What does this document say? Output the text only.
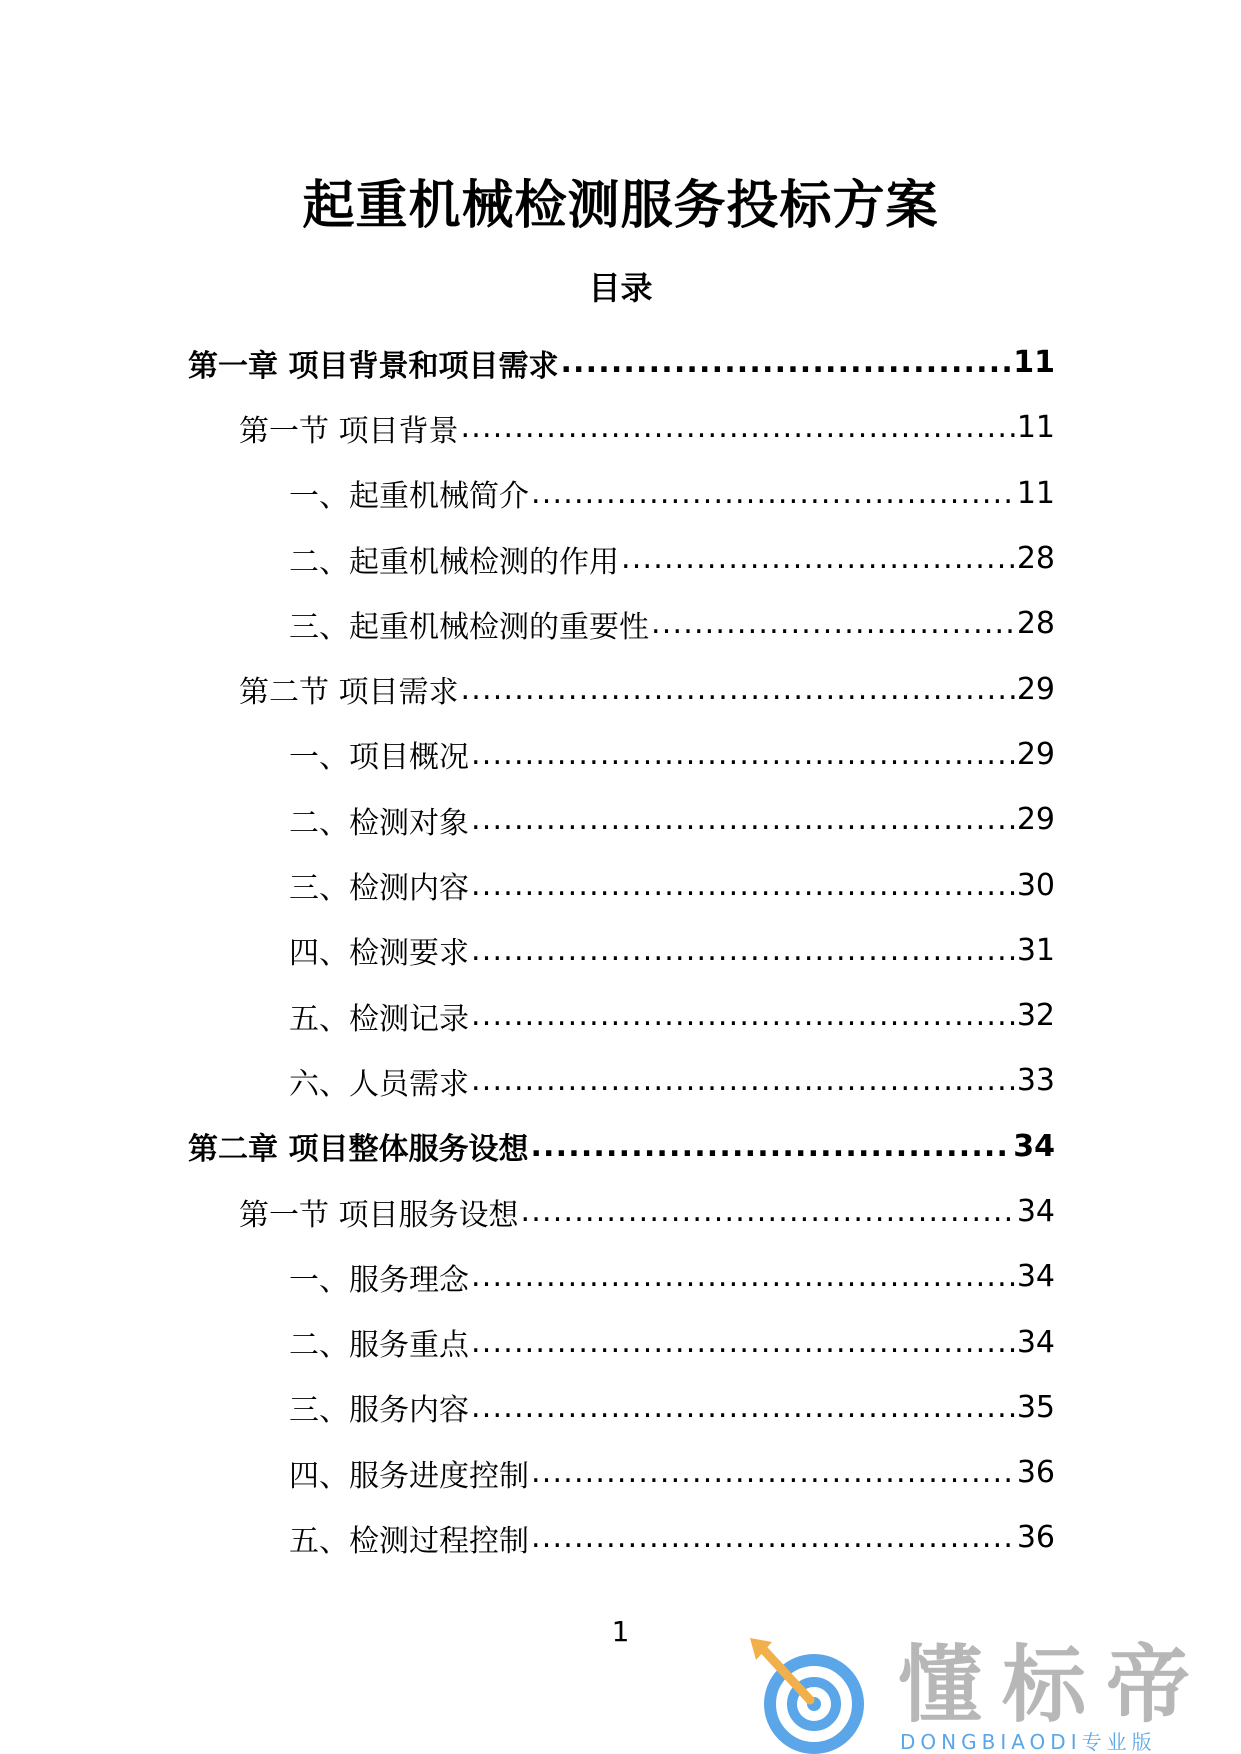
起重机械检测服务投标方案
目录
第一章 项目背景和项目需求 .....	11
第一节 项目背景 .....	11
一、起重机械简介 .....	11
二、起重机械检测的作用 .....	28
三、起重机械检测的重要性 .....	28
第二节 项目需求 .....	29
一、项目概况 .....	29
二、检测对象 .....	29
三、检测内容 .....	30
四、检测要求 .....	31
五、检测记录 .....	32
六、人员需求 .....	33
第二章 项目整体服务设想 .....	34
第一节 项目服务设想 .....	34
一、服务理念 .....	34
二、服务重点 .....	34
三、服务内容 .....	35
四、服务进度控制 .....	36
五、检测过程控制 .....	36
1
懂标帝
DONGBIAODI专业版
